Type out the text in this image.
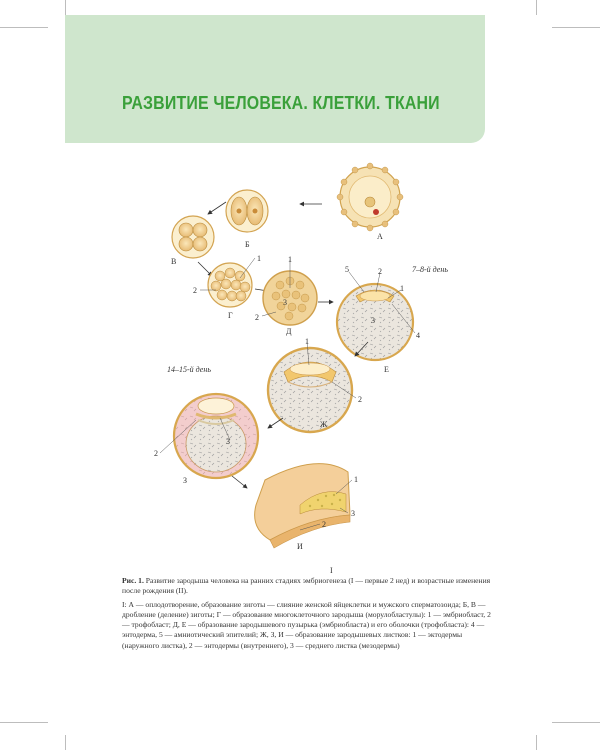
РАЗВИТИЕ ЧЕЛОВЕКА. КЛЕТКИ. ТКАНИ
А
Б
В
Г
Д
Е
Ж
З
И
I
7–8-й день
14–15-й день
1
2
1
3
2
5	2
1
3
4
1
2
2
3
1
3
2

Рис. 1. Развитие зародыша человека на ранних стадиях эмбриогенеза (I — первые 2 нед) и возрастные изменения после рождения (II).

I: А — оплодотворение, образование зиготы — слияние женской яйцеклетки и мужского сперматозоида; Б, В — дробление (деление) зиготы; Г — образование многоклеточного зародыша (морулобластулы): 1 — эмбриобласт, 2 — трофобласт; Д, Е — образование зародышевого пузырька (эмбриобласта) и его оболочки (трофобласта): 4 — энтодерма, 5 — амниотический эпителий; Ж, З, И — образование зародышевых листков: 1 — эктодермы (наружного листка), 2 — энтодермы (внутреннего), 3 — среднего листка (мезодермы)
